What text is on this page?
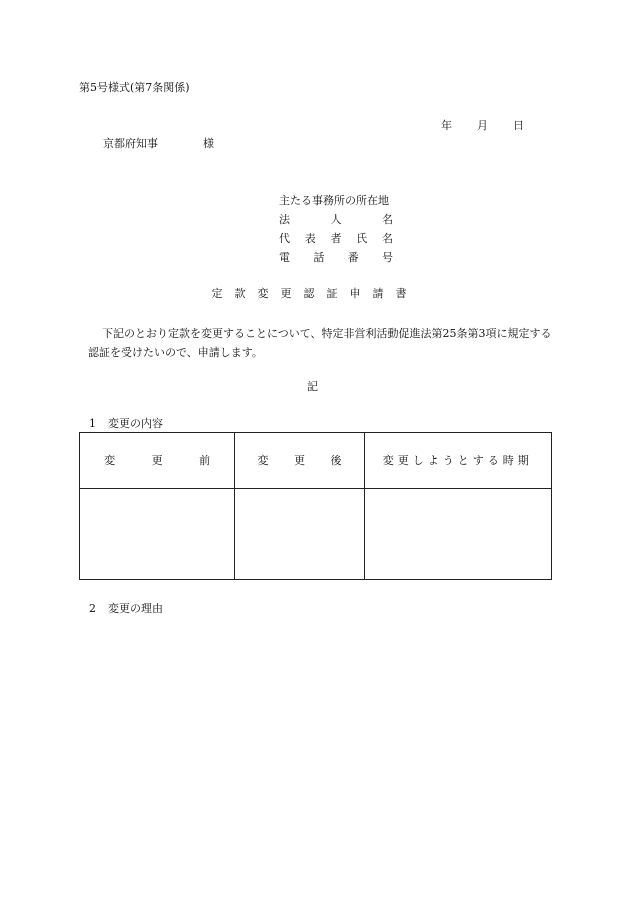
第5号様式(第7条関係)
年 月 日
京都府知事	様
主たる事務所の所在地
法	人	名
代 表 者 氏 名
電 話 番 号
定款変更認証申請書
下記のとおり定款を変更することについて、特定非営利活動促進法第25条第3項に規定する認証を受けたいので、申請します。
記
1 変更の内容
変 更 前	変 更 後	変更しようとする時期

2 変更の理由
